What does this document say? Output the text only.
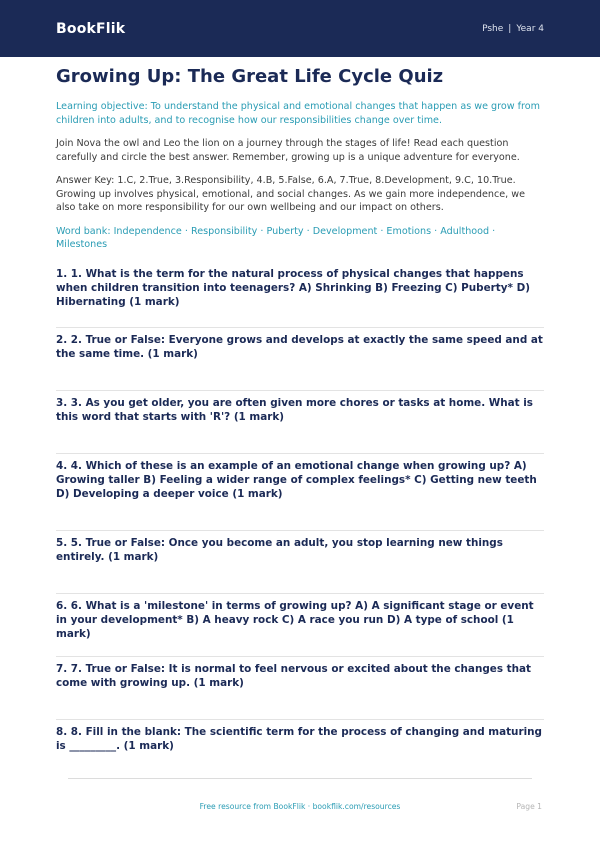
BookFlik	Pshe | Year 4
Growing Up: The Great Life Cycle Quiz

Learning objective: To understand the physical and emotional changes that happen as we grow from children into adults, and to recognise how our responsibilities change over time.

Join Nova the owl and Leo the lion on a journey through the stages of life! Read each question carefully and circle the best answer. Remember, growing up is a unique adventure for everyone.

Answer Key: 1.C, 2.True, 3.Responsibility, 4.B, 5.False, 6.A, 7.True, 8.Development, 9.C, 10.True. Growing up involves physical, emotional, and social changes. As we gain more independence, we also take on more responsibility for our own wellbeing and our impact on others.

Word bank: Independence · Responsibility · Puberty · Development · Emotions · Adulthood · Milestones

1. 1. What is the term for the natural process of physical changes that happens when children transition into teenagers? A) Shrinking B) Freezing C) Puberty* D) Hibernating (1 mark)
2. 2. True or False: Everyone grows and develops at exactly the same speed and at the same time. (1 mark)
3. 3. As you get older, you are often given more chores or tasks at home. What is this word that starts with 'R'? (1 mark)
4. 4. Which of these is an example of an emotional change when growing up? A) Growing taller B) Feeling a wider range of complex feelings* C) Getting new teeth D) Developing a deeper voice (1 mark)
5. 5. True or False: Once you become an adult, you stop learning new things entirely. (1 mark)
6. 6. What is a 'milestone' in terms of growing up? A) A significant stage or event in your development* B) A heavy rock C) A race you run D) A type of school (1 mark)
7. 7. True or False: It is normal to feel nervous or excited about the changes that come with growing up. (1 mark)
8. 8. Fill in the blank: The scientific term for the process of changing and maturing is _________. (1 mark)
Free resource from BookFlik · bookflik.com/resources	Page 1
